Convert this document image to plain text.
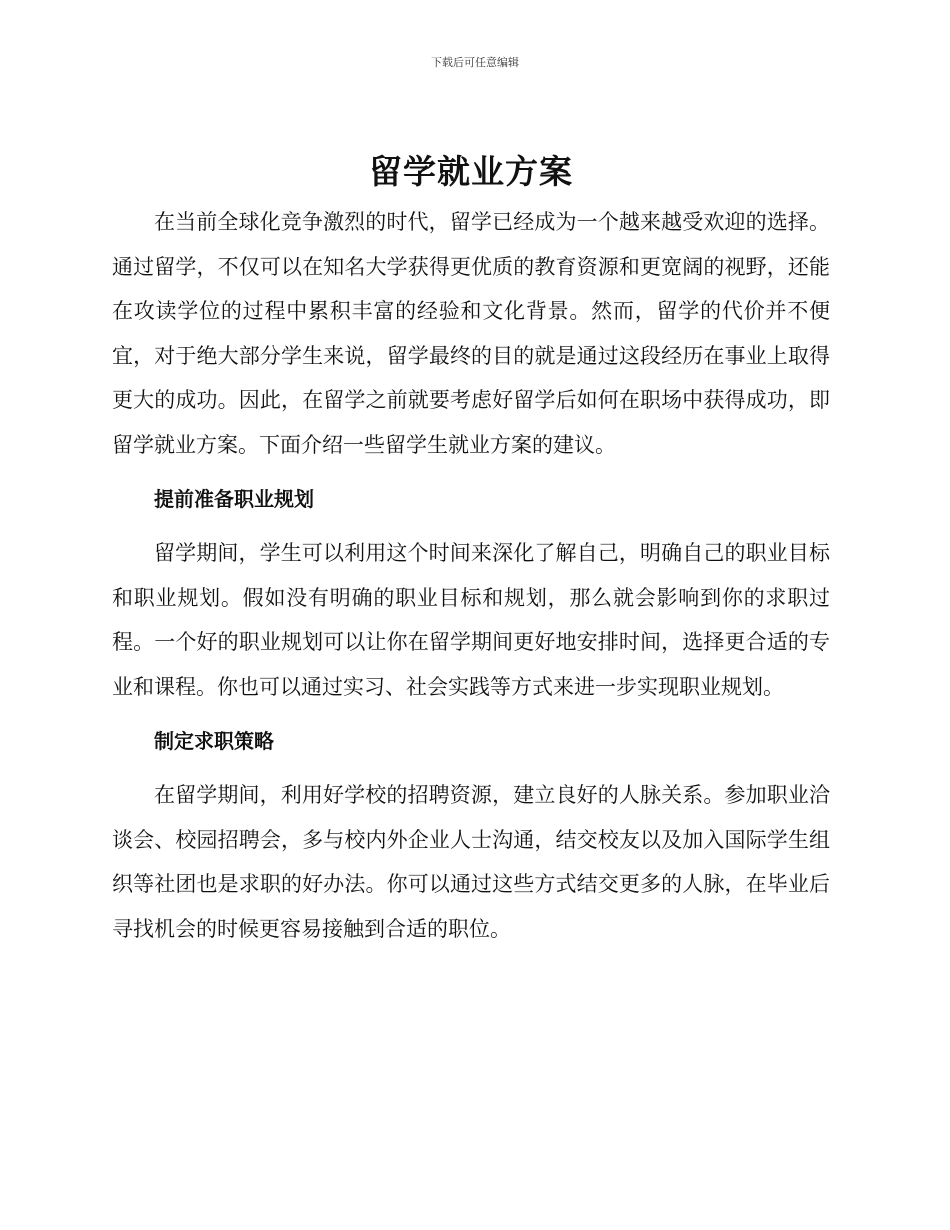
下载后可任意编辑
留学就业方案

在当前全球化竞争激烈的时代，留学已经成为一个越来越受欢迎的选择。通过留学，不仅可以在知名大学获得更优质的教育资源和更宽阔的视野，还能在攻读学位的过程中累积丰富的经验和文化背景。然而，留学的代价并不便宜，对于绝大部分学生来说，留学最终的目的就是通过这段经历在事业上取得更大的成功。因此，在留学之前就要考虑好留学后如何在职场中获得成功，即留学就业方案。下面介绍一些留学生就业方案的建议。

提前准备职业规划

留学期间，学生可以利用这个时间来深化了解自己，明确自己的职业目标和职业规划。假如没有明确的职业目标和规划，那么就会影响到你的求职过程。一个好的职业规划可以让你在留学期间更好地安排时间，选择更合适的专业和课程。你也可以通过实习、社会实践等方式来进一步实现职业规划。

制定求职策略

在留学期间，利用好学校的招聘资源，建立良好的人脉关系。参加职业洽谈会、校园招聘会，多与校内外企业人士沟通，结交校友以及加入国际学生组织等社团也是求职的好办法。你可以通过这些方式结交更多的人脉，在毕业后寻找机会的时候更容易接触到合适的职位。
